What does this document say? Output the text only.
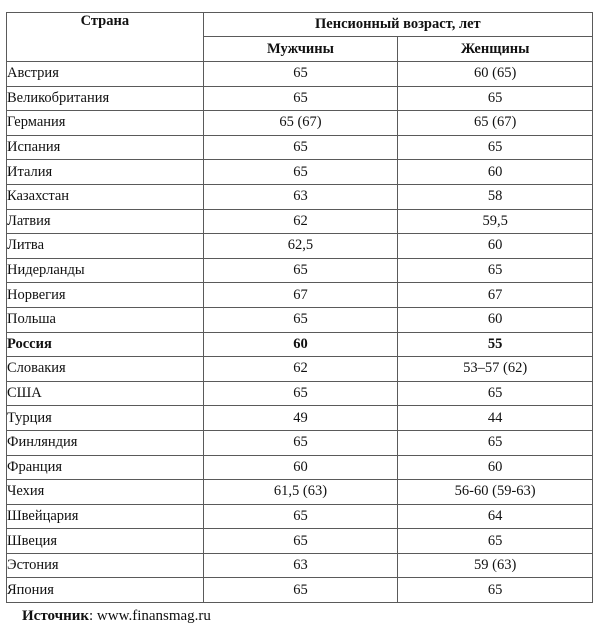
Страна	Пенсионный возраст, лет	
	Мужчины	Женщины
Австрия	65	60 (65)
Великобритания	65	65
Германия	65 (67)	65 (67)
Испания	65	65
Италия	65	60
Казахстан	63	58
Латвия	62	59,5
Литва	62,5	60
Нидерланды	65	65
Норвегия	67	67
Польша	65	60
Россия	60	55
Словакия	62	53–57 (62)
США	65	65
Турция	49	44
Финляндия	65	65
Франция	60	60
Чехия	61,5 (63)	56-60 (59-63)
Швейцария	65	64
Швеция	65	65
Эстония	63	59 (63)
Япония	65	65
Источник: www.finansmag.ru
